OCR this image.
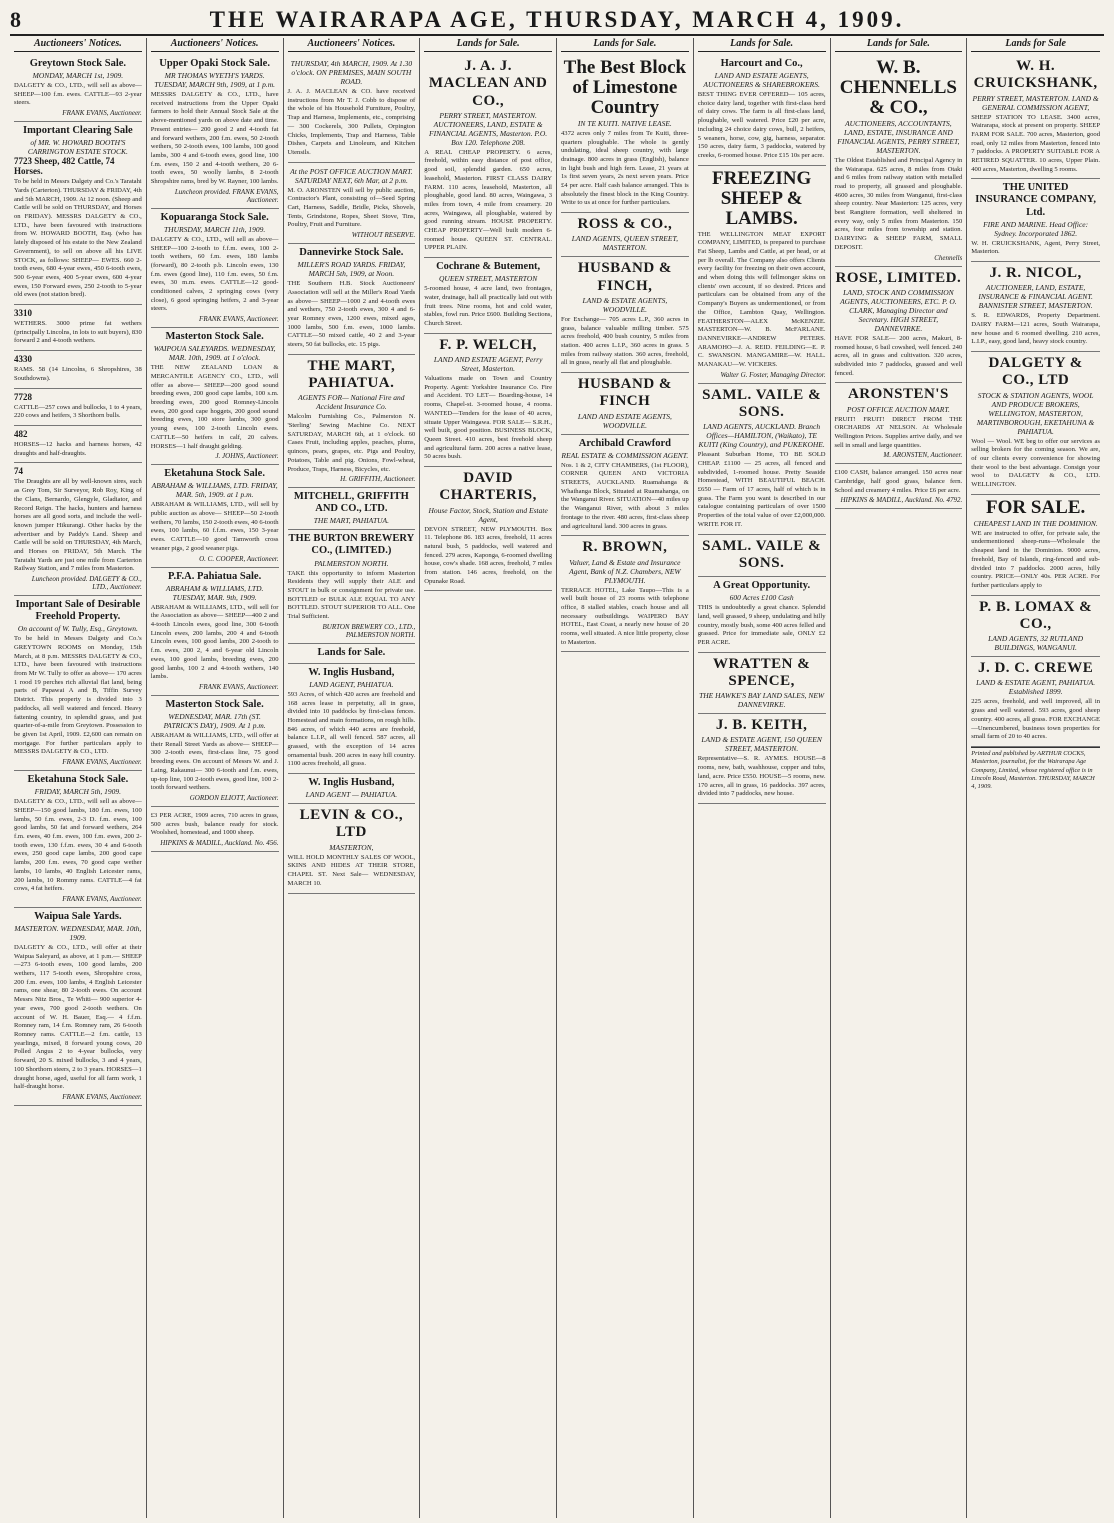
8	THE WAIRARAPA AGE, THURSDAY, MARCH 4, 1909.
Auctioneers' Notices.
Greytown Stock Sale.
MONDAY, MARCH 1st, 1909.
DALGETY & CO., LTD., will sell as above—SHEEP—100 f.m. ewes. CATTLE—93 2-year steers.
FRANK EVANS, Auctioneer.
Important Clearing Sale
of MR. W. HOWARD BOOTH'S CARRINGTON ESTATE STOCK.
7723 Sheep, 482 Cattle, 74 Horses.
To be held in Messrs Dalgety and Co.'s Taratahi Yards (Carterton). THURSDAY & FRIDAY, 4th and 5th MARCH, 1909. At 12 noon. (Sheep and Cattle will be sold on THURSDAY, and Horses on FRIDAY). MESSRS DALGETY & CO., LTD., have been favoured with instructions from W. HOWARD BOOTH, Esq. (who has lately disposed of his estate to the New Zealand Government), to sell on above all his LIVE STOCK, as follows: SHEEP— EWES. 660 2-tooth ewes, 680 4-year ewes, 450 6-tooth ewes, 500 6-year ewes, 400 5-year ewes, 600 4-year ewes, 150 Forward ewes, 250 2-tooth to 5-year old ewes (not station bred).
3310
WETHERS. 3000 prime fat wethers (principally Lincolns, in lots to suit buyers), 830 forward 2 and 4-tooth wethers.
4330
RAMS. 58 (14 Lincolns, 6 Shropshires, 38 Southdowns).
7728
CATTLE—257 cows and bullocks, 1 to 4 years, 220 cows and heifers, 3 Shorthorn bulls.
482
HORSES—12 hacks and harness horses, 42 draughts and half-draughts.
74
The Draughts are all by well-known sires, such as Grey Tom, Sir Surveyor, Rob Roy, King of the Clans, Bernardo, Glengyle, Gladiator, and Record Reign. The hacks, hunters and harness horses are all good sorts, and include the well-known jumper Hikurangi. Other hacks by the advertiser and by Paddy's Land. Sheep and Cattle will be sold on THURSDAY, 4th March, and Horses on FRIDAY, 5th March. The Taratahi Yards are just one mile from Carterton Railway Station, and 7 miles from Masterton.
Luncheon provided. DALGETY & CO., LTD., Auctioneer.
Important Sale of Desirable Freehold Property.
On account of W. Tully, Esq., Greytown.
To be held in Messrs Dalgety and Co.'s GREYTOWN ROOMS on Monday, 15th March, at 8 p.m. MESSRS DALGETY & CO., LTD., have been favoured with instructions from Mr W. Tully to offer as above— 170 acres 1 rood 19 perches rich alluvial flat land, being parts of Papawai A and B, Tiffin Survey District. This property is divided into 3 paddocks, all well watered and fenced. Heavy fattening country, in splendid grass, and just quarter-of-a-mile from Greytown. Possession to be given 1st April, 1909. £2,600 can remain on mortgage. For further particulars apply to MESSRS DALGETY & CO., LTD.
FRANK EVANS, Auctioneer.
Eketahuna Stock Sale.
FRIDAY, MARCH 5th, 1909.
DALGETY & CO., LTD., will sell as above— SHEEP—150 good lambs, 180 f.m. ewes, 100 lambs, 50 f.m. ewes, 2-3 D. f.m. ewes, 100 good lambs, 50 fat and forward wethers, 264 f.m. ewes, 40 f.m. ewes, 100 f.m. ewes, 200 2-tooth ewes, 130 f.f.m. ewes, 30 4 and 6-tooth ewes, 250 good cape lambs, 200 good cape lambs, 200 f.m. ewes, 70 good cape wether lambs, 10 lambs, 40 English Leicester rams, 200 lambs, 10 Rommy rams. CATTLE—4 fat cows, 4 fat heifers.
FRANK EVANS, Auctioneer.
Waipua Sale Yards.
MASTERTON. WEDNESDAY, MAR. 10th, 1909.
DALGETY & CO., LTD., will offer at their Waipua Saleyard, as above, at 1 p.m.— SHEEP—273 6-tooth ewes, 100 good lambs, 200 wethers, 117 5-tooth ewes, Shropshire cross, 200 f.m. ewes, 100 lambs, 4 English Leicester rams, one shear, 80 2-tooth ewes. On account Messrs Nitz Bros., Te Whiti— 900 superior 4-year ewes, 700 good 2-tooth wethers. On account of W. H. Bauer, Esq.— 4 f.f.m. Romney ram, 14 f.m. Romney ram, 26 6-tooth Romney rams. CATTLE—2 f.m. cattle, 13 yearlings, mixed, 8 forward young cows, 20 Polled Angus 2 to 4-year bullocks, very forward, 20 S. mixed bullocks, 3 and 4 years, 100 Shorthorn steers, 2 to 3 years. HORSES—1 draught horse, aged, useful for all farm work, 1 half-draught horse.
FRANK EVANS, Auctioneer.
Auctioneers' Notices.
Upper Opaki Stock Sale.
MR THOMAS WYETH'S YARDS. TUESDAY, MARCH 9th, 1909, at 1 p.m.
MESSRS DALGETY & CO., LTD., have received instructions from the Upper Opaki farmers to hold their Annual Stock Sale at the above-mentioned yards on above date and time. Present entries— 200 good 2 and 4-tooth fat and forward wethers, 200 f.m. ewes, 50 2-tooth wethers, 50 2-tooth ewes, 100 lambs, 100 good lambs, 300 4 and 6-tooth ewes, good line, 100 f.m. ewes, 150 2 and 4-tooth wethers, 20 6-tooth ewes, 50 woolly lambs, 8 2-tooth Shropshire rams, bred by W. Rayner, 100 lambs.
Luncheon provided. FRANK EVANS, Auctioneer.
Kopuaranga Stock Sale.
THURSDAY, MARCH 11th, 1909.
DALGETY & CO., LTD., will sell as above— SHEEP—100 2-tooth to f.f.m. ewes, 100 2-tooth wethers, 60 f.m. ewes, 180 lambs (forward), 80 2-tooth p.b. Lincoln ewes, 130 f.m. ewes (good line), 110 f.m. ewes, 50 f.m. ewes, 30 m.m. ewes. CATTLE—12 good-conditioned calves, 2 springing cows (very close), 6 good springing heifers, 2 and 3-year steers.
FRANK EVANS, Auctioneer.
Masterton Stock Sale.
WAIPOUA SALEYARDS. WEDNESDAY, MAR. 10th, 1909. at 1 o'clock.
THE NEW ZEALAND LOAN & MERCANTILE AGENCY CO., LTD., will offer as above— SHEEP—200 good sound breeding ewes, 200 good cape lambs, 100 s.m. breeding ewes, 200 good Romney-Lincoln ewes, 200 good cape hoggets, 200 good sound breeding ewes, 100 store lambs, 300 good young ewes, 100 2-tooth Lincoln ewes. CATTLE—50 heifers in calf, 20 calves. HORSES—1 half draught gelding.
J. JOHNS, Auctioneer.
Eketahuna Stock Sale.
ABRAHAM & WILLIAMS, LTD. FRIDAY, MAR. 5th, 1909. at 1 p.m.
ABRAHAM & WILLIAMS, LTD., will sell by public auction as above— SHEEP—50 2-tooth wethers, 70 lambs, 150 2-tooth ewes, 40 6-tooth ewes, 100 lambs, 60 f.f.m. ewes, 150 3-year ewes. CATTLE—10 good Tamworth cross weaner pigs, 2 good weaner pigs.
O. C. COOPER, Auctioneer.
P.F.A. Pahiatua Sale.
ABRAHAM & WILLIAMS, LTD. TUESDAY, MAR. 9th, 1909.
ABRAHAM & WILLIAMS, LTD., will sell for the Association as above— SHEEP—400 2 and 4-tooth Lincoln ewes, good line, 300 6-tooth Lincoln ewes, 200 lambs, 200 4 and 6-tooth Lincoln ewes, 100 good lambs, 200 2-tooth to f.m. ewes, 200 2, 4 and 6-year old Lincoln ewes, 100 good lambs, breeding ewes, 200 good lambs, 100 2 and 4-tooth wethers, 140 lambs.
FRANK EVANS, Auctioneer.
Masterton Stock Sale.
WEDNESDAY, MAR. 17th (ST. PATRICK'S DAY), 1909. At 1 p.m.
ABRAHAM & WILLIAMS, LTD., will offer at their Renall Street Yards as above— SHEEP—300 2-tooth ewes, first-class line, 75 good breeding ewes. On account of Messrs W. and J. Laing, Rakaunui— 300 6-tooth and f.m. ewes, up-top line, 100 2-tooth ewes, good line, 100 2-tooth forward wethers.
GORDON ELIOTT, Auctioneer.
£3 PER ACRE, 1909 acres, 710 acres in grass, 500 acres bush, balance ready for stock. Woolshed, homestead, and 1000 sheep.
HIPKINS & MADILL, Auckland. No. 456.
Auctioneers' Notices.
THURSDAY, 4th MARCH, 1909. At 1.30 o'clock. ON PREMISES, MAIN SOUTH ROAD.
J. A. J. MACLEAN & CO. have received instructions from Mr T. J. Cobb to dispose of the whole of his Household Furniture, Poultry, Trap and Harness, Implements, etc., comprising— 300 Cockerels, 300 Pullets, Orpington Chicks, Implements, Trap and Harness, Table Dishes, Carpets and Linoleum, and Kitchen Utensils.
At the POST OFFICE AUCTION MART. SATURDAY NEXT, 6th Mar, at 2 p.m.
M. O. ARONSTEN will sell by public auction, Contractor's Plant, consisting of—Seed Spring Cart, Harness, Saddle, Bridle, Picks, Shovels, Tents, Grindstone, Ropes, Sheet Stove, Tins, Poultry, Fruit and Furniture.
WITHOUT RESERVE.
Dannevirke Stock Sale.
MILLER'S ROAD YARDS. FRIDAY, MARCH 5th, 1909, at Noon.
THE Southern H.B. Stock Auctioneers' Association will sell at the Miller's Road Yards as above— SHEEP—1000 2 and 4-tooth ewes and wethers, 750 2-tooth ewes, 300 4 and 6-year Romney ewes, 1200 ewes, mixed ages, 1000 lambs, 500 f.m. ewes, 1000 lambs. CATTLE—50 mixed cattle, 40 2 and 3-year steers, 50 fat bullocks, etc. 15 pigs.
THE MART, PAHIATUA.
AGENTS FOR— National Fire and Accident Insurance Co.
Malcolm Furnishing Co., Palmerston N. 'Sterling' Sewing Machine Co. NEXT SATURDAY, MARCH 6th, at 1 o'clock. 60 Cases Fruit, including apples, peaches, plums, quinces, pears, grapes, etc. Pigs and Poultry, Potatoes, Table and pig. Onions, Fowl-wheat, Produce, Traps, Harness, Bicycles, etc.
H. GRIFFITH, Auctioneer.
MITCHELL, GRIFFITH AND CO., LTD.
THE MART, PAHIATUA.
THE BURTON BREWERY CO., (LIMITED.)
PALMERSTON NORTH.
TAKE this opportunity to inform Masterton Residents they will supply their ALE and STOUT in bulk or consignment for private use. BOTTLED or BULK ALE EQUAL TO ANY BOTTLED. STOUT SUPERIOR TO ALL. One Trial Sufficient.
BURTON BREWERY CO., LTD., PALMERSTON NORTH.
Lands for Sale.
W. Inglis Husband,
LAND AGENT, PAHIATUA.
593 Acres, of which 420 acres are freehold and 168 acres lease in perpetuity, all in grass, divided into 10 paddocks by first-class fences. Homestead and main formations, on rough hills. 846 acres, of which 440 acres are freehold, balance L.I.P., all well fenced. 587 acres, all grassed, with the exception of 14 acres ornamental bush. 200 acres in easy hill country. 1100 acres freehold, all grass.
W. Inglis Husband,
LAND AGENT — PAHIATUA.
LEVIN & CO., LTD
MASTERTON,
WILL HOLD MONTHLY SALES OF WOOL, SKINS AND HIDES AT THEIR STORE, CHAPEL ST. Next Sale— WEDNESDAY, MARCH 10.
Lands for Sale.
J. A. J. MACLEAN AND CO.,
PERRY STREET, MASTERTON. AUCTIONEERS, LAND, ESTATE & FINANCIAL AGENTS, Masterton. P.O. Box 120. Telephone 208.
A REAL CHEAP PROPERTY. 6 acres, freehold, within easy distance of post office, good soil, splendid garden. 650 acres, leasehold, Masterton. FIRST CLASS DAIRY FARM. 110 acres, leasehold, Masterton, all ploughable, good land. 80 acres, Waingawa, 3 miles from town, 4 mile from creamery. 20 acres, Waingawa, all ploughable, watered by good running stream. HOUSE PROPERTY. CHEAP PROPERTY—Well built modern 6-roomed house. QUEEN ST. CENTRAL. UPPER PLAIN.
Cochrane & Butement,
QUEEN STREET, MASTERTON
5-roomed house, 4 acre land, two frontages, water, drainage, hall all practically laid out with fruit trees. Nine rooms, hot and cold water, stables, fowl run. Price £600. Building Sections, Church Street.
F. P. WELCH,
LAND AND ESTATE AGENT, Perry Street, Masterton.
Valuations made on Town and Country Property. Agent: Yorkshire Insurance Co. Fire and Accident. TO LET— Boarding-house, 14 rooms, Chapel-st. 3-roomed house, 4 rooms. WANTED—Tenders for the lease of 40 acres, situate Upper Waingawa. FOR SALE— S.R.H., well built, good position. BUSINESS BLOCK, Queen Street. 410 acres, best freehold sheep and agricultural farm. 200 acres a native lease, 50 acres bush.
DAVID CHARTERIS,
House Factor, Stock, Station and Estate Agent,
DEVON STREET, NEW PLYMOUTH. Box 11. Telephone 86. 183 acres, freehold, 11 acres natural bush, 5 paddocks, well watered and fenced. 279 acres, Kaponga, 6-roomed dwelling house, cow's shade. 168 acres, freehold, 7 miles from station. 146 acres, freehold, on the Opunake Road.
Lands for Sale.
The Best Block of Limestone Country
IN TE KUITI. NATIVE LEASE.
4372 acres only 7 miles from Te Kuiti, three-quarters ploughable. The whole is gently undulating, ideal sheep country, with large drainage. 800 acres in grass (English), balance in light bush and high fern. Lease, 21 years at 1s first seven years, 2s next seven years. Price £4 per acre. Half cash balance arranged. This is absolutely the finest block in the King Country. Write to us at once for further particulars.
ROSS & CO.,
LAND AGENTS, QUEEN STREET, MASTERTON.
HUSBAND & FINCH,
LAND & ESTATE AGENTS, WOODVILLE.
For Exchange— 705 acres L.P., 360 acres in grass, balance valuable milling timber. 575 acres freehold, 400 bush country, 5 miles from station. 400 acres L.I.P., 360 acres in grass. 5 miles from railway station. 360 acres, freehold, all in grass, nearly all flat and ploughable.
HUSBAND & FINCH
LAND AND ESTATE AGENTS, WOODVILLE.
Archibald Crawford
REAL ESTATE & COMMISSION AGENT.
Nos. 1 & 2, CITY CHAMBERS, (1st FLOOR), CORNER QUEEN AND VICTORIA STREETS, AUCKLAND. Ruamahanga & Whaihanga Block, Situated at Ruamahanga, on the Wanganui River. SITUATION—40 miles up the Wanganui River, with about 3 miles frontage to the river. 480 acres, first-class sheep and agricultural land. 300 acres in grass.
R. BROWN,
Valuer, Land & Estate and Insurance Agent, Bank of N.Z. Chambers, NEW PLYMOUTH.
TERRACE HOTEL, Lake Taupo—This is a well built house of 23 rooms with telephone office, 8 stalled stables, coach house and all necessary outbuildings. WAIPERO BAY HOTEL, East Coast, a nearly new house of 20 rooms, well situated. A nice little property, close to Masterton.
Lands for Sale.
Harcourt and Co.,
LAND AND ESTATE AGENTS, AUCTIONEERS & SHAREBROKERS.
BEST THING EVER OFFERED— 105 acres, choice dairy land, together with first-class herd of dairy cows. The farm is all first-class land, ploughable, well watered. Price £20 per acre, including 24 choice dairy cows, bull, 2 heifers, 5 weaners, horse, cow, gig, harness, separator. 150 acres, dairy farm, 3 paddocks, watered by creeks, 6-roomed house. Price £15 10s per acre.
FREEZING SHEEP & LAMBS.
THE WELLINGTON MEAT EXPORT COMPANY, LIMITED, is prepared to purchase Fat Sheep, Lambs and Cattle, at per head, or at per lb overall. The Company also offers Clients every facility for freezing on their own account, and when doing this will fellmonger skins on clients' own account, if so desired. Prices and particulars can be obtained from any of the Company's Buyers as undermentioned, or from the Office, Lambton Quay, Wellington. FEATHERSTON—ALEX McKENZIE. MASTERTON—W. B. McFARLANE. DANNEVIRKE—ANDREW PETERS. ARAMOHO—J. A. REID. FEILDING—E. P. C. SWANSON. MANGAMIRE—W. HALL. MANAKAU—W. VICKERS.
Walter G. Foster, Managing Director.
SAML. VAILE & SONS.
LAND AGENTS, AUCKLAND. Branch Offices—HAMILTON, (Waikato), TE KUITI (King Country), and PUKEKOHE.
Pleasant Suburban Home, TO BE SOLD CHEAP. £1100 — 25 acres, all fenced and subdivided, 1-roomed house. Pretty Seaside Homestead, WITH BEAUTIFUL BEACH. £650 — Farm of 17 acres, half of which is in grass. The Farm you want is described in our catalogue containing particulars of over 1500 Properties of the total value of over £2,000,000. WRITE FOR IT.
SAML. VAILE & SONS.
A Great Opportunity.
600 Acres £100 Cash
THIS is undoubtedly a great chance. Splendid land, well grassed, 9 sheep, undulating and hilly country, mostly bush, some 400 acres felled and grassed. Price for immediate sale, ONLY £2 PER ACRE.
WRATTEN & SPENCE,
THE HAWKE'S BAY LAND SALES, NEW DANNEVIRKE.
J. B. KEITH,
LAND & ESTATE AGENT, 150 QUEEN STREET, MASTERTON.
Representative—S. R. AYMES. HOUSE—8 rooms, new, bath, washhouse, copper and tubs, land, acre. Price £550. HOUSE—5 rooms, new. 170 acres, all in grass, 16 paddocks. 397 acres, divided into 7 paddocks, new house.
Lands for Sale.
W. B. CHENNELLS & CO.,
AUCTIONEERS, ACCOUNTANTS, LAND, ESTATE, INSURANCE AND FINANCIAL AGENTS, PERRY STREET, MASTERTON.
The Oldest Established and Principal Agency in the Wairarapa. 625 acres, 8 miles from Otaki and 6 miles from railway station with metalled road to property, all grassed and ploughable. 4600 acres, 30 miles from Wanganui, first-class sheep country. Near Masterton: 125 acres, very best Rangitere formation, well sheltered in every way, only 5 miles from Masterton. 150 acres, four miles from township and station. DAIRYING & SHEEP FARM, SMALL DEPOSIT.
Chennells
ROSE, LIMITED.
LAND, STOCK AND COMMISSION AGENTS, AUCTIONEERS, ETC. P. O. CLARK, Managing Director and Secretary. HIGH STREET, DANNEVIRKE.
HAVE FOR SALE— 200 acres, Makuri, 8-roomed house, 6 bail cowshed, well fenced. 240 acres, all in grass and cultivation. 320 acres, subdivided into 7 paddocks, grassed and well fenced.
ARONSTEN'S
POST OFFICE AUCTION MART.
FRUIT! FRUIT! DIRECT FROM THE ORCHARDS AT NELSON. At Wholesale Wellington Prices. Supplies arrive daily, and we sell in small and large quantities.
M. ARONSTEN, Auctioneer.
£100 CASH, balance arranged. 150 acres near Cambridge, half good grass, balance fern. School and creamery 4 miles. Price £6 per acre.
HIPKINS & MADILL, Auckland. No. 4792.
Lands for Sale
W. H. CRUICKSHANK,
PERRY STREET, MASTERTON. LAND & GENERAL COMMISSION AGENT,
SHEEP STATION TO LEASE. 3400 acres, Wairarapa, stock at present on property. SHEEP FARM FOR SALE. 700 acres, Masterton, good road, only 12 miles from Masterton, fenced into 7 paddocks. A PROPERTY SUITABLE FOR A RETIRED SQUATTER. 10 acres, Upper Plain. 400 acres, Masterton, dwelling 5 rooms.
THE UNITED INSURANCE COMPANY, Ltd.
FIRE AND MARINE. Head Office: Sydney. Incorporated 1862.
W. H. CRUICKSHANK, Agent, Perry Street, Masterton.
J. R. NICOL,
AUCTIONEER, LAND, ESTATE, INSURANCE & FINANCIAL AGENT. BANNISTER STREET, MASTERTON.
S. R. EDWARDS, Property Department. DAIRY FARM—121 acres, South Wairarapa, new house and 6 roomed dwelling. 210 acres, L.I.P., easy, good land, heavy stock country.
DALGETY & CO., LTD
STOCK & STATION AGENTS, WOOL AND PRODUCE BROKERS, WELLINGTON, MASTERTON, MARTINBOROUGH, EKETAHUNA & PAHIATUA.
Wool — Wool. WE beg to offer our services as selling brokers for the coming season. We are, of our clients every convenience for showing their wool to the best advantage. Consign your wool to DALGETY & CO., LTD. WELLINGTON.
FOR SALE.
CHEAPEST LAND IN THE DOMINION.
WE are instructed to offer, for private sale, the undermentioned sheep-runs—Wholesale the cheapest land in the Dominion. 9000 acres, freehold, Bay of Islands, ring-fenced and sub-divided into 7 paddocks. 2000 acres, hilly country. PRICE—ONLY 40s. PER ACRE. For further particulars apply to
P. B. LOMAX & CO.,
LAND AGENTS, 32 RUTLAND BUILDINGS, WANGANUI.
J. D. C. CREWE
LAND & ESTATE AGENT, PAHIATUA. Established 1899.
225 acres, freehold, and well improved, all in grass and well watered. 593 acres, good sheep country. 400 acres, all grass. FOR EXCHANGE—Unencumbered, business town properties for small farm of 20 to 40 acres.
Printed and published by ARTHUR COCKS, Masterton, journalist, for the Wairarapa Age Company, Limited, whose registered office is in Lincoln Road, Masterton. THURSDAY, MARCH 4, 1909.
